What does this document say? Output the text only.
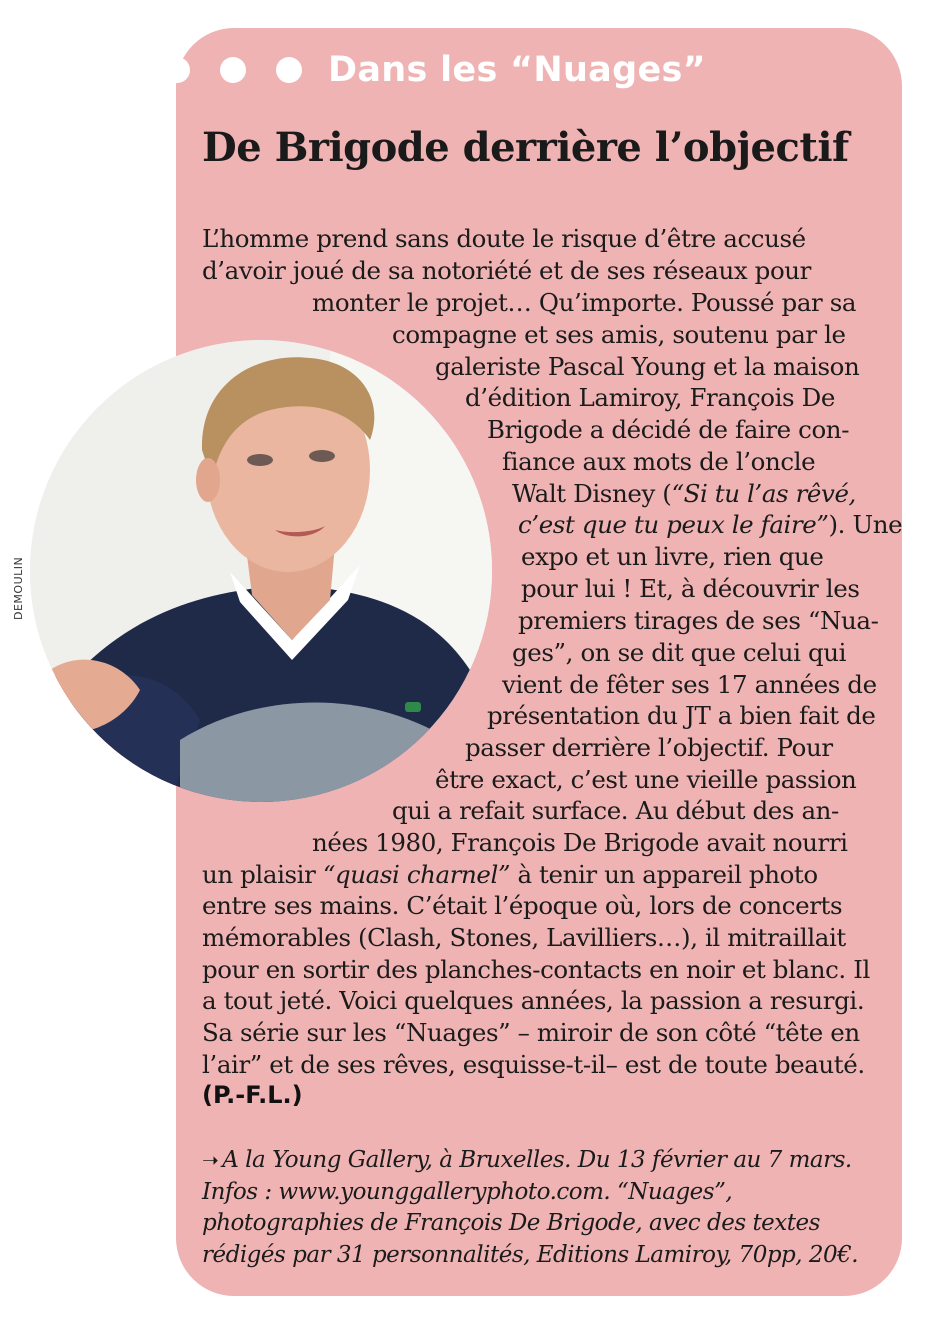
Dans les “Nuages”
De Brigode derrière l’objectif
DEMOULIN
L’homme prend sans doute le risque d’être accusé
d’avoir joué de sa notoriété et de ses réseaux pour
monter le projet… Qu’importe. Poussé par sa
compagne et ses amis, soutenu par le
galeriste Pascal Young et la maison
d’édition Lamiroy, François De
Brigode a décidé de faire con-
fiance aux mots de l’oncle
Walt Disney (“Si tu l’as rêvé,
c’est que tu peux le faire”). Une
expo et un livre, rien que
pour lui ! Et, à découvrir les
premiers tirages de ses “Nua-
ges”, on se dit que celui qui
vient de fêter ses 17 années de
présentation du JT a bien fait de
passer derrière l’objectif. Pour
être exact, c’est une vieille passion
qui a refait surface. Au début des an-
nées 1980, François De Brigode avait nourri
un plaisir “quasi charnel” à tenir un appareil photo
entre ses mains. C’était l’époque où, lors de concerts
mémorables (Clash, Stones, Lavilliers…), il mitraillait
pour en sortir des planches-contacts en noir et blanc. Il
a tout jeté. Voici quelques années, la passion a resurgi.
Sa série sur les “Nuages” – miroir de son côté “tête en
l’air” et de ses rêves, esquisse-t-il– est de toute beauté.
(P.-F.L.)
➝ A la Young Gallery, à Bruxelles. Du 13 février au 7 mars.
Infos : www.younggalleryphoto.com. “Nuages”,
photographies de François De Brigode, avec des textes
rédigés par 31 personnalités, Editions Lamiroy, 70pp, 20€.
